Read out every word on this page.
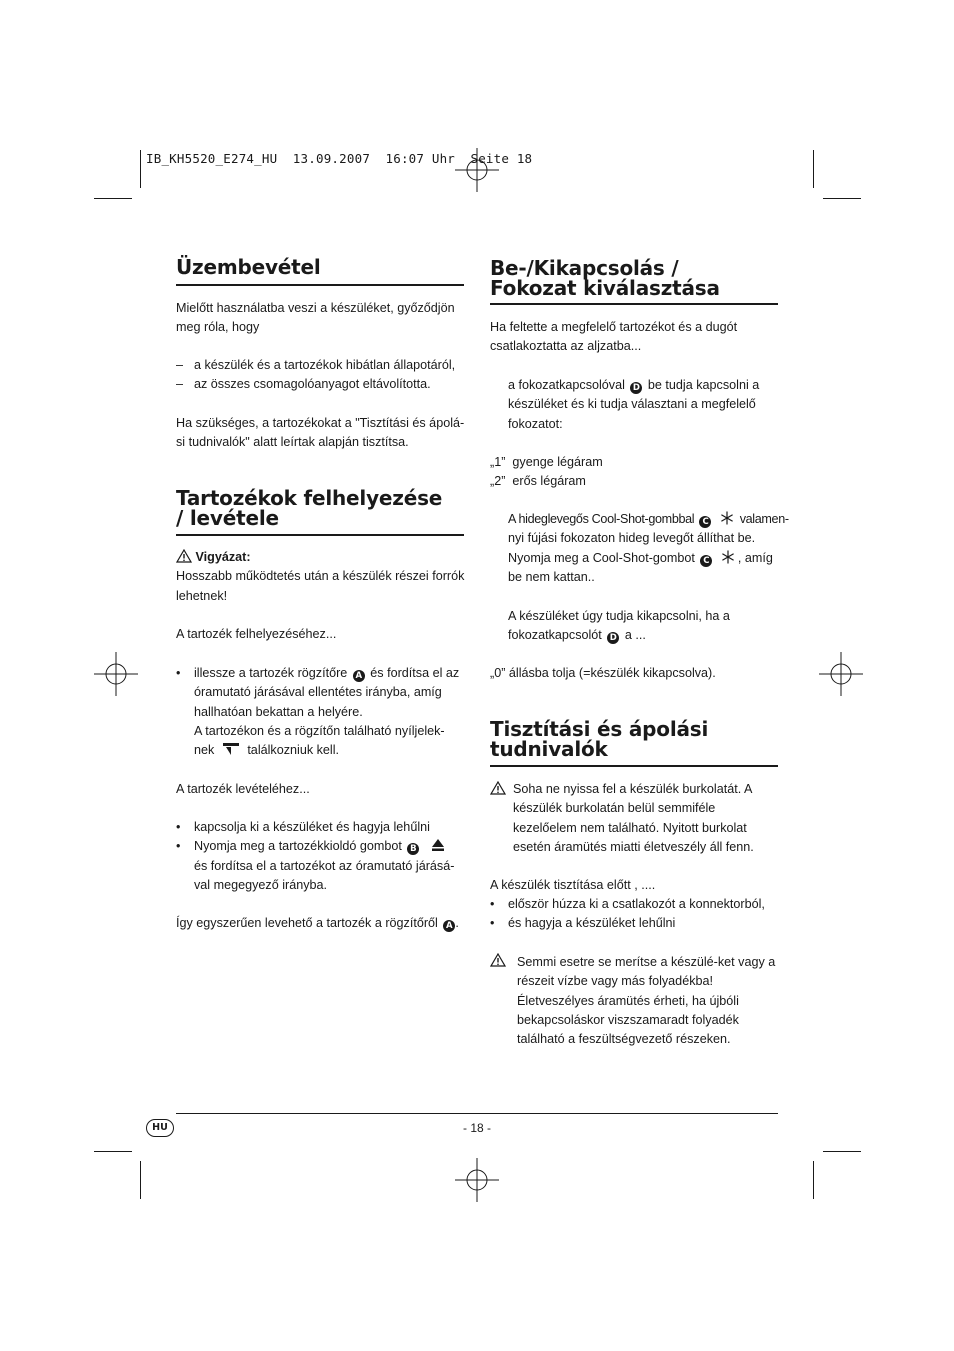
IB_KH5520_E274_HU  13.09.2007  16:07 Uhr  Seite 18
Üzembevétel

Mielőtt használatba veszi a készüléket, győződjön

meg róla, hogy

– a készülék és a tartozékok hibátlan állapotáról,

– az összes csomagolóanyagot eltávolította.

Ha szükséges, a tartozékokat a "Tisztítási és ápolá-

si tudnivalók" alatt leírtak alapján tisztítsa.

Tartozékok felhelyezése
/ levétele

Vigyázat:

Hosszabb működtetés után a készülék részei forrók

lehetnek!

A tartozék felhelyezéséhez...

• illessze a tartozék rögzítőre A és fordítsa el az

óramutató járásával ellentétes irányba, amíg

hallhatóan bekattan a helyére.

A tartozékon és a rögzítőn található nyíljelek-

nek	találkozniuk kell.

A tartozék levételéhez...

• kapcsolja ki a készüléket és hagyja lehűlni

• Nyomja meg a tartozékkioldó gombot B

és fordítsa el a tartozékot az óramutató járásá-

val megegyező irányba.

Így egyszerűen levehető a tartozék a rögzítőről A .

Be-/Kikapcsolás /
Fokozat kiválasztása

Ha feltette a megfelelő tartozékot és a dugót

csatlakoztatta az aljzatba...

a fokozatkapcsolóval D be tudja kapcsolni a

készüléket és ki tudja választani a megfelelő

fokozatot:

„1” gyenge légáram

„2” erős légáram

A hideglevegős Cool-Shot-gombbal C valamen-

nyi fújási fokozaton hideg levegőt állíthat be.

Nyomja meg a Cool-Shot-gombot C , amíg

be nem kattan..

A készüléket úgy tudja kikapcsolni, ha a

fokozatkapcsolót D a ...

„0” állásba tolja (=készülék kikapcsolva).

Tisztítási és ápolási
tudnivalók

Soha ne nyissa fel a készülék burkolatát. A

készülék burkolatán belül semmiféle

kezelőelem nem található. Nyitott burkolat

esetén áramütés miatti életveszély áll fenn.

A készülék tisztítása előtt , ....

• először húzza ki a csatlakozót a konnektorból,

• és hagyja a készüléket lehűlni

Semmi esetre se merítse a készülé-ket vagy a

részeit vízbe vagy más folyadékba!

Életveszélyes áramütés érheti, ha újbóli

bekapcsoláskor viszszamaradt folyadék

található a feszültségvezető részeken.

HU	- 18 -
